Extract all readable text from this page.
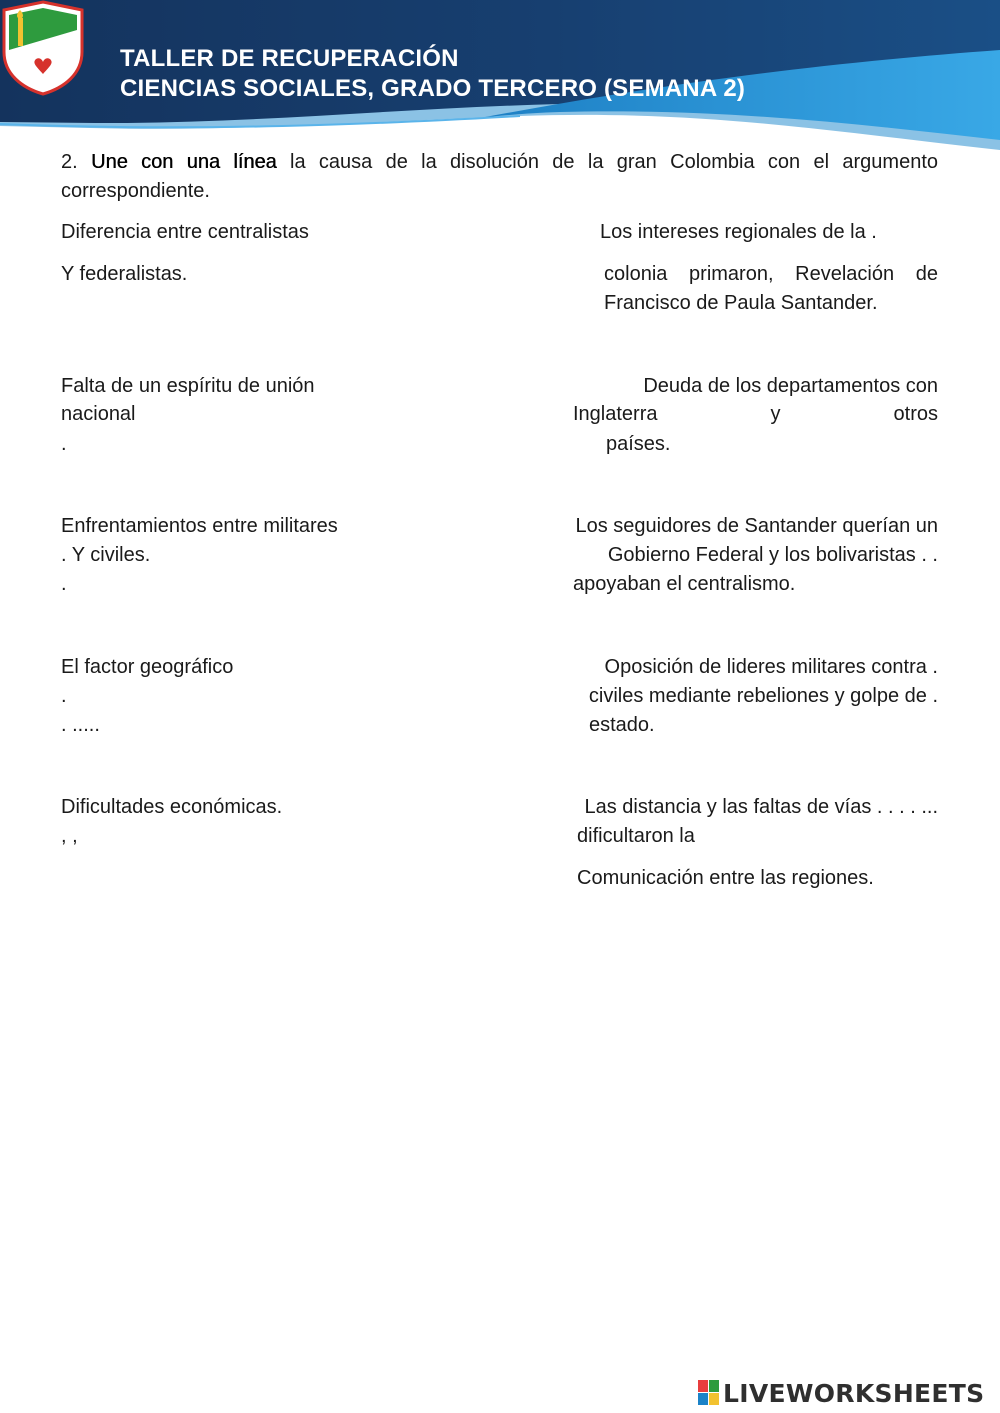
TALLER DE RECUPERACIÓN
CIENCIAS SOCIALES, GRADO TERCERO (SEMANA 2)
2. Une con una línea la causa de la disolución de la gran Colombia con el argumento
correspondiente.
Diferencia entre centralistas
Y federalistas.
Falta de un espíritu de unión
nacional
.
Enfrentamientos entre militares
. Y civiles.
.
El factor geográfico
.
. .....
Dificultades económicas.
, ,
Los intereses regionales de la .
colonia primaron, Revelación de
Francisco de Paula Santander.
Deuda de los departamentos con
Inglaterra y otros
países.
Los seguidores de Santander querían un
Gobierno Federal y los bolivaristas . .
apoyaban el centralismo.
Oposición de lideres militares contra .
civiles mediante rebeliones y golpe de .
estado.
Las distancia y las faltas de vías . . . . ...
dificultaron la
Comunicación entre las regiones.
LIVEWORKSHEETS
